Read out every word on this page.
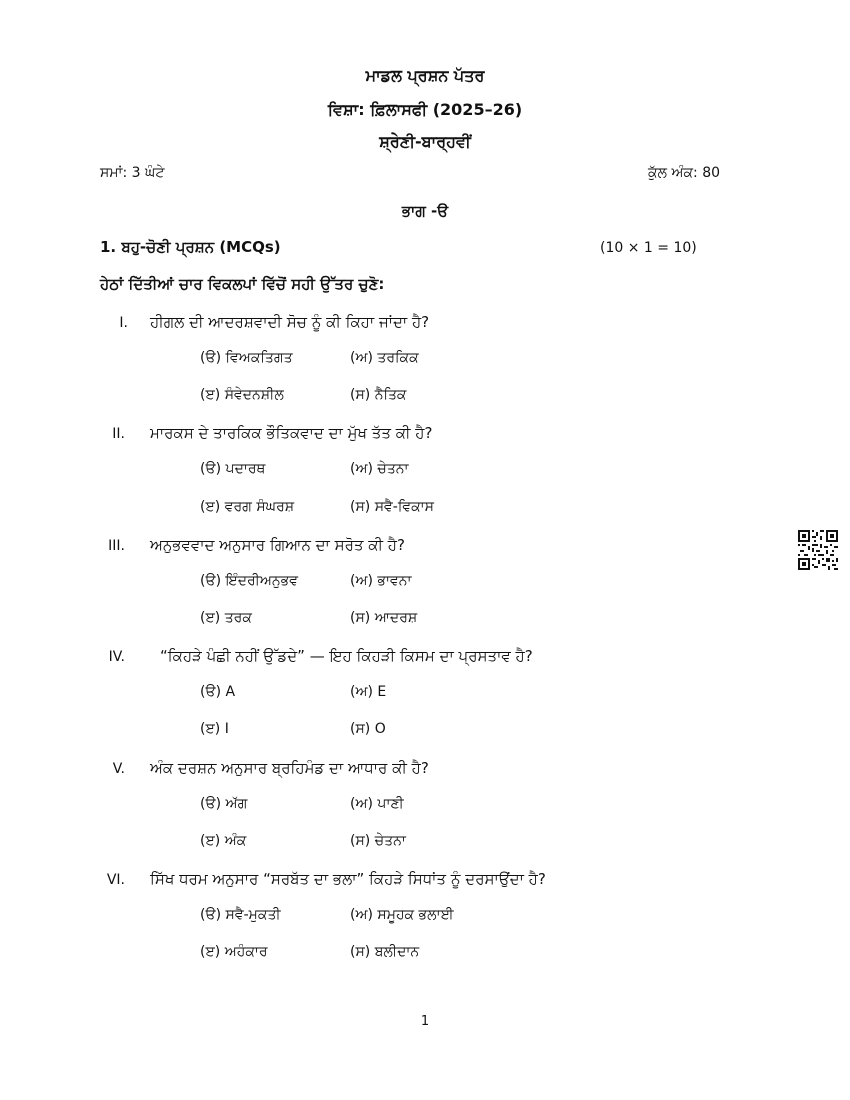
ਮਾਡਲ ਪ੍ਰਸ਼ਨ ਪੱਤਰ
ਵਿਸ਼ਾ: ਫ਼ਿਲਾਸਫੀ (2025–26)
ਸ਼੍ਰੇਣੀ-ਬਾਰ੍ਹਵੀਂ
ਸਮਾਂ: 3 ਘੰਟੇ	ਕੁੱਲ ਅੰਕ: 80
ਭਾਗ -ੳ
1. ਬਹੁ-ਚੋਣੀ ਪ੍ਰਸ਼ਨ (MCQs)	(10 × 1 = 10)
ਹੇਠਾਂ ਦਿੱਤੀਆਂ ਚਾਰ ਵਿਕਲਪਾਂ ਵਿੱਚੋਂ ਸਹੀ ਉੱਤਰ ਚੁਣੋ:
I. ਹੀਗਲ ਦੀ ਆਦਰਸ਼ਵਾਦੀ ਸੋਚ ਨੂੰ ਕੀ ਕਿਹਾ ਜਾਂਦਾ ਹੈ?
(ੳ) ਵਿਅਕਤਿਗਤ	(ਅ) ਤਰਕਿਕ
(ੲ) ਸੰਵੇਦਨਸ਼ੀਲ	(ਸ) ਨੈਤਿਕ
II. ਮਾਰਕਸ ਦੇ ਤਾਰਕਿਕ ਭੌਤਿਕਵਾਦ ਦਾ ਮੁੱਖ ਤੱਤ ਕੀ ਹੈ?
(ੳ) ਪਦਾਰਥ	(ਅ) ਚੇਤਨਾ
(ੲ) ਵਰਗ ਸੰਘਰਸ਼	(ਸ) ਸਵੈ-ਵਿਕਾਸ
III. ਅਨੁਭਵਵਾਦ ਅਨੁਸਾਰ ਗਿਆਨ ਦਾ ਸਰੋਤ ਕੀ ਹੈ?
(ੳ) ਇੰਦਰੀਅਨੁਭਵ	(ਅ) ਭਾਵਨਾ
(ੲ) ਤਰਕ	(ਸ) ਆਦਰਸ਼
IV. “ਕਿਹੜੇ ਪੰਛੀ ਨਹੀਂ ਉੱਡਦੇ” — ਇਹ ਕਿਹੜੀ ਕਿਸਮ ਦਾ ਪ੍ਰਸਤਾਵ ਹੈ?
(ੳ) A	(ਅ) E
(ੲ) I	(ਸ) O
V. ਅੰਕ ਦਰਸ਼ਨ ਅਨੁਸਾਰ ਬ੍ਰਹਿਮੰਡ ਦਾ ਆਧਾਰ ਕੀ ਹੈ?
(ੳ) ਅੱਗ	(ਅ) ਪਾਣੀ
(ੲ) ਅੰਕ	(ਸ) ਚੇਤਨਾ
VI. ਸਿੱਖ ਧਰਮ ਅਨੁਸਾਰ “ਸਰਬੱਤ ਦਾ ਭਲਾ” ਕਿਹੜੇ ਸਿਧਾਂਤ ਨੂੰ ਦਰਸਾਉਂਦਾ ਹੈ?
(ੳ) ਸਵੈ-ਮੁਕਤੀ	(ਅ) ਸਮੂਹਕ ਭਲਾਈ
(ੲ) ਅਹੰਕਾਰ	(ਸ) ਬਲੀਦਾਨ
1
